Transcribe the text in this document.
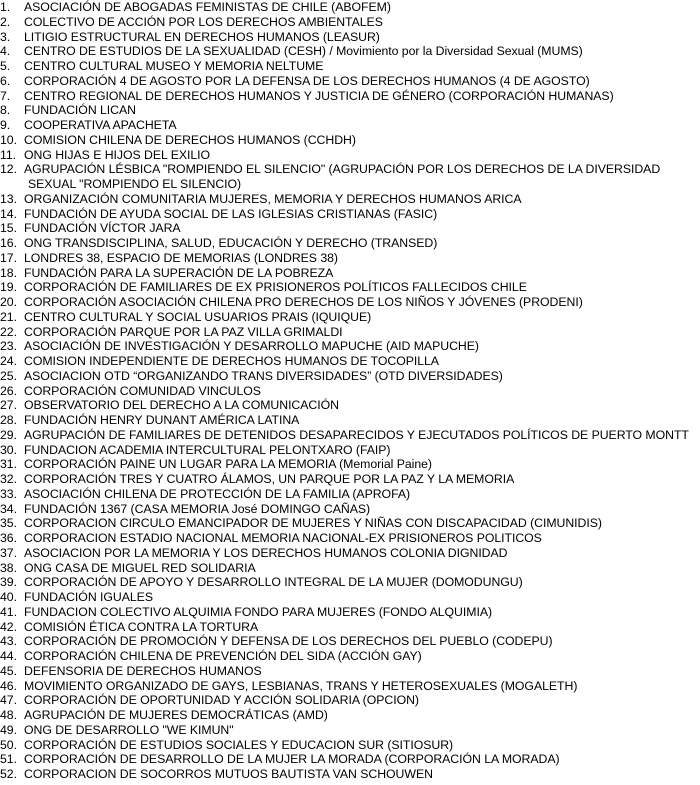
1.	ASOCIACIÓN DE ABOGADAS FEMINISTAS DE CHILE (ABOFEM)
2.	COLECTIVO DE ACCIÓN POR LOS DERECHOS AMBIENTALES
3.	LITIGIO ESTRUCTURAL EN DERECHOS HUMANOS (LEASUR)
4.	CENTRO DE ESTUDIOS DE LA SEXUALIDAD (CESH) / Movimiento por la Diversidad Sexual (MUMS)
5.	CENTRO CULTURAL MUSEO Y MEMORIA NELTUME
6.	CORPORACIÓN 4 DE AGOSTO POR LA DEFENSA DE LOS DERECHOS HUMANOS (4 DE AGOSTO)
7.	CENTRO REGIONAL DE DERECHOS HUMANOS Y JUSTICIA DE GÉNERO (CORPORACIÓN HUMANAS)
8.	FUNDACIÓN LICAN
9.	COOPERATIVA APACHETA
10. COMISION CHILENA DE DERECHOS HUMANOS (CCHDH)
11. ONG HIJAS E HIJOS DEL EXILIO
12. AGRUPACIÓN LÉSBICA "ROMPIENDO EL SILENCIO" (AGRUPACIÓN POR LOS DERECHOS DE LA DIVERSIDAD
SEXUAL "ROMPIENDO EL SILENCIO)
13. ORGANIZACIÓN COMUNITARIA MUJERES, MEMORIA Y DERECHOS HUMANOS ARICA
14. FUNDACIÓN DE AYUDA SOCIAL DE LAS IGLESIAS CRISTIANAS (FASIC)
15. FUNDACIÓN VÍCTOR JARA
16. ONG TRANSDISCIPLINA, SALUD, EDUCACIÓN Y DERECHO (TRANSED)
17. LONDRES 38, ESPACIO DE MEMORIAS (LONDRES 38)
18. FUNDACIÓN PARA LA SUPERACIÓN DE LA POBREZA
19. CORPORACIÓN DE FAMILIARES DE EX PRISIONEROS POLÍTICOS FALLECIDOS CHILE
20. CORPORACIÓN ASOCIACIÓN CHILENA PRO DERECHOS DE LOS NIÑOS Y JÓVENES (PRODENI)
21. CENTRO CULTURAL Y SOCIAL USUARIOS PRAIS (IQUIQUE)
22. CORPORACIÓN PARQUE POR LA PAZ VILLA GRIMALDI
23. ASOCIACIÓN DE INVESTIGACIÓN Y DESARROLLO MAPUCHE (AID MAPUCHE)
24. COMISION INDEPENDIENTE DE DERECHOS HUMANOS DE TOCOPILLA
25. ASOCIACION OTD “ORGANIZANDO TRANS DIVERSIDADES” (OTD DIVERSIDADES)
26. CORPORACIÓN COMUNIDAD VINCULOS
27. OBSERVATORIO DEL DERECHO A LA COMUNICACIÓN
28. FUNDACIÓN HENRY DUNANT AMÉRICA LATINA
29. AGRUPACIÓN DE FAMILIARES DE DETENIDOS DESAPARECIDOS Y EJECUTADOS POLÍTICOS DE PUERTO MONTT
30. FUNDACION ACADEMIA INTERCULTURAL PELONTXARO (FAIP)
31. CORPORACIÓN PAINE UN LUGAR PARA LA MEMORIA (Memorial Paine)
32. CORPORACIÓN TRES Y CUATRO ÁLAMOS, UN PARQUE POR LA PAZ Y LA MEMORIA
33. ASOCIACIÓN CHILENA DE PROTECCIÓN DE LA FAMILIA (APROFA)
34. FUNDACIÓN 1367 (CASA MEMORIA José DOMINGO CAÑAS)
35. CORPORACION CIRCULO EMANCIPADOR DE MUJERES Y NIÑAS CON DISCAPACIDAD (CIMUNIDIS)
36. CORPORACION ESTADIO NACIONAL MEMORIA NACIONAL-EX PRISIONEROS POLITICOS
37. ASOCIACION POR LA MEMORIA Y LOS DERECHOS HUMANOS COLONIA DIGNIDAD
38. ONG CASA DE MIGUEL RED SOLIDARIA
39. CORPORACIÓN DE APOYO Y DESARROLLO INTEGRAL DE LA MUJER (DOMODUNGU)
40. FUNDACIÓN IGUALES
41. FUNDACION COLECTIVO ALQUIMIA FONDO PARA MUJERES (FONDO ALQUIMIA)
42. COMISIÓN ÉTICA CONTRA LA TORTURA
43. CORPORACIÓN DE PROMOCIÓN Y DEFENSA DE LOS DERECHOS DEL PUEBLO (CODEPU)
44. CORPORACIÓN CHILENA DE PREVENCIÓN DEL SIDA (ACCIÓN GAY)
45. DEFENSORIA DE DERECHOS HUMANOS
46. MOVIMIENTO ORGANIZADO DE GAYS, LESBIANAS, TRANS Y HETEROSEXUALES (MOGALETH)
47. CORPORACIÓN DE OPORTUNIDAD Y ACCIÓN SOLIDARIA (OPCION)
48. AGRUPACIÓN DE MUJERES DEMOCRÁTICAS (AMD)
49. ONG DE DESARROLLO "WE KIMUN"
50. CORPORACIÓN DE ESTUDIOS SOCIALES Y EDUCACION SUR (SITIOSUR)
51. CORPORACIÓN DE DESARROLLO DE LA MUJER LA MORADA (CORPORACIÓN LA MORADA)
52. CORPORACION DE SOCORROS MUTUOS BAUTISTA VAN SCHOUWEN
